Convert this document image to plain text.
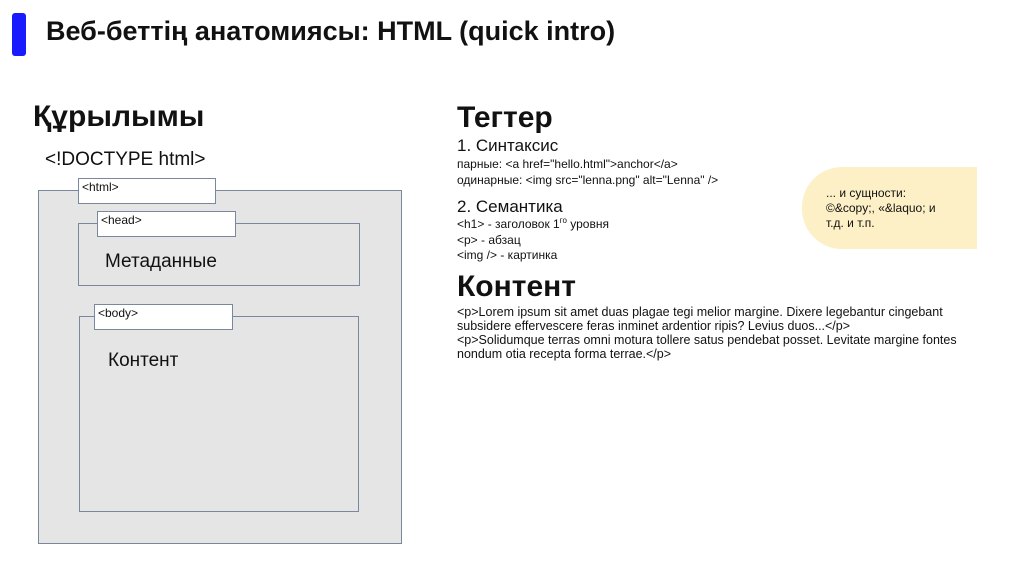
Веб-беттің анатомиясы: HTML (quick intro)
Құрылымы
<!DOCTYPE html>
<html>
<head>
Метаданные
<body>
Контент
Тегтер
1. Синтаксис
парные: <a href="hello.html">anchor</a>
одинарные: <img src="lenna.png" alt="Lenna" />
2. Семантика
<h1> - заголовок $1^{го}$ уровня
<p> - абзац
<img /> - картинка
Контент

<p>Lorem ipsum sit amet duas plagae tegi melior margine. Dixere legebantur cingebant subsidere effervescere feras inminet ardentior ripis? Levius duos...</p>

<p>Solidumque terras omni motura tollere satus pendebat posset. Levitate margine fontes nondum otia recepta forma terrae.</p>

... и сущности:
©&copy;, «&laquo; и
т.д. и т.п.
